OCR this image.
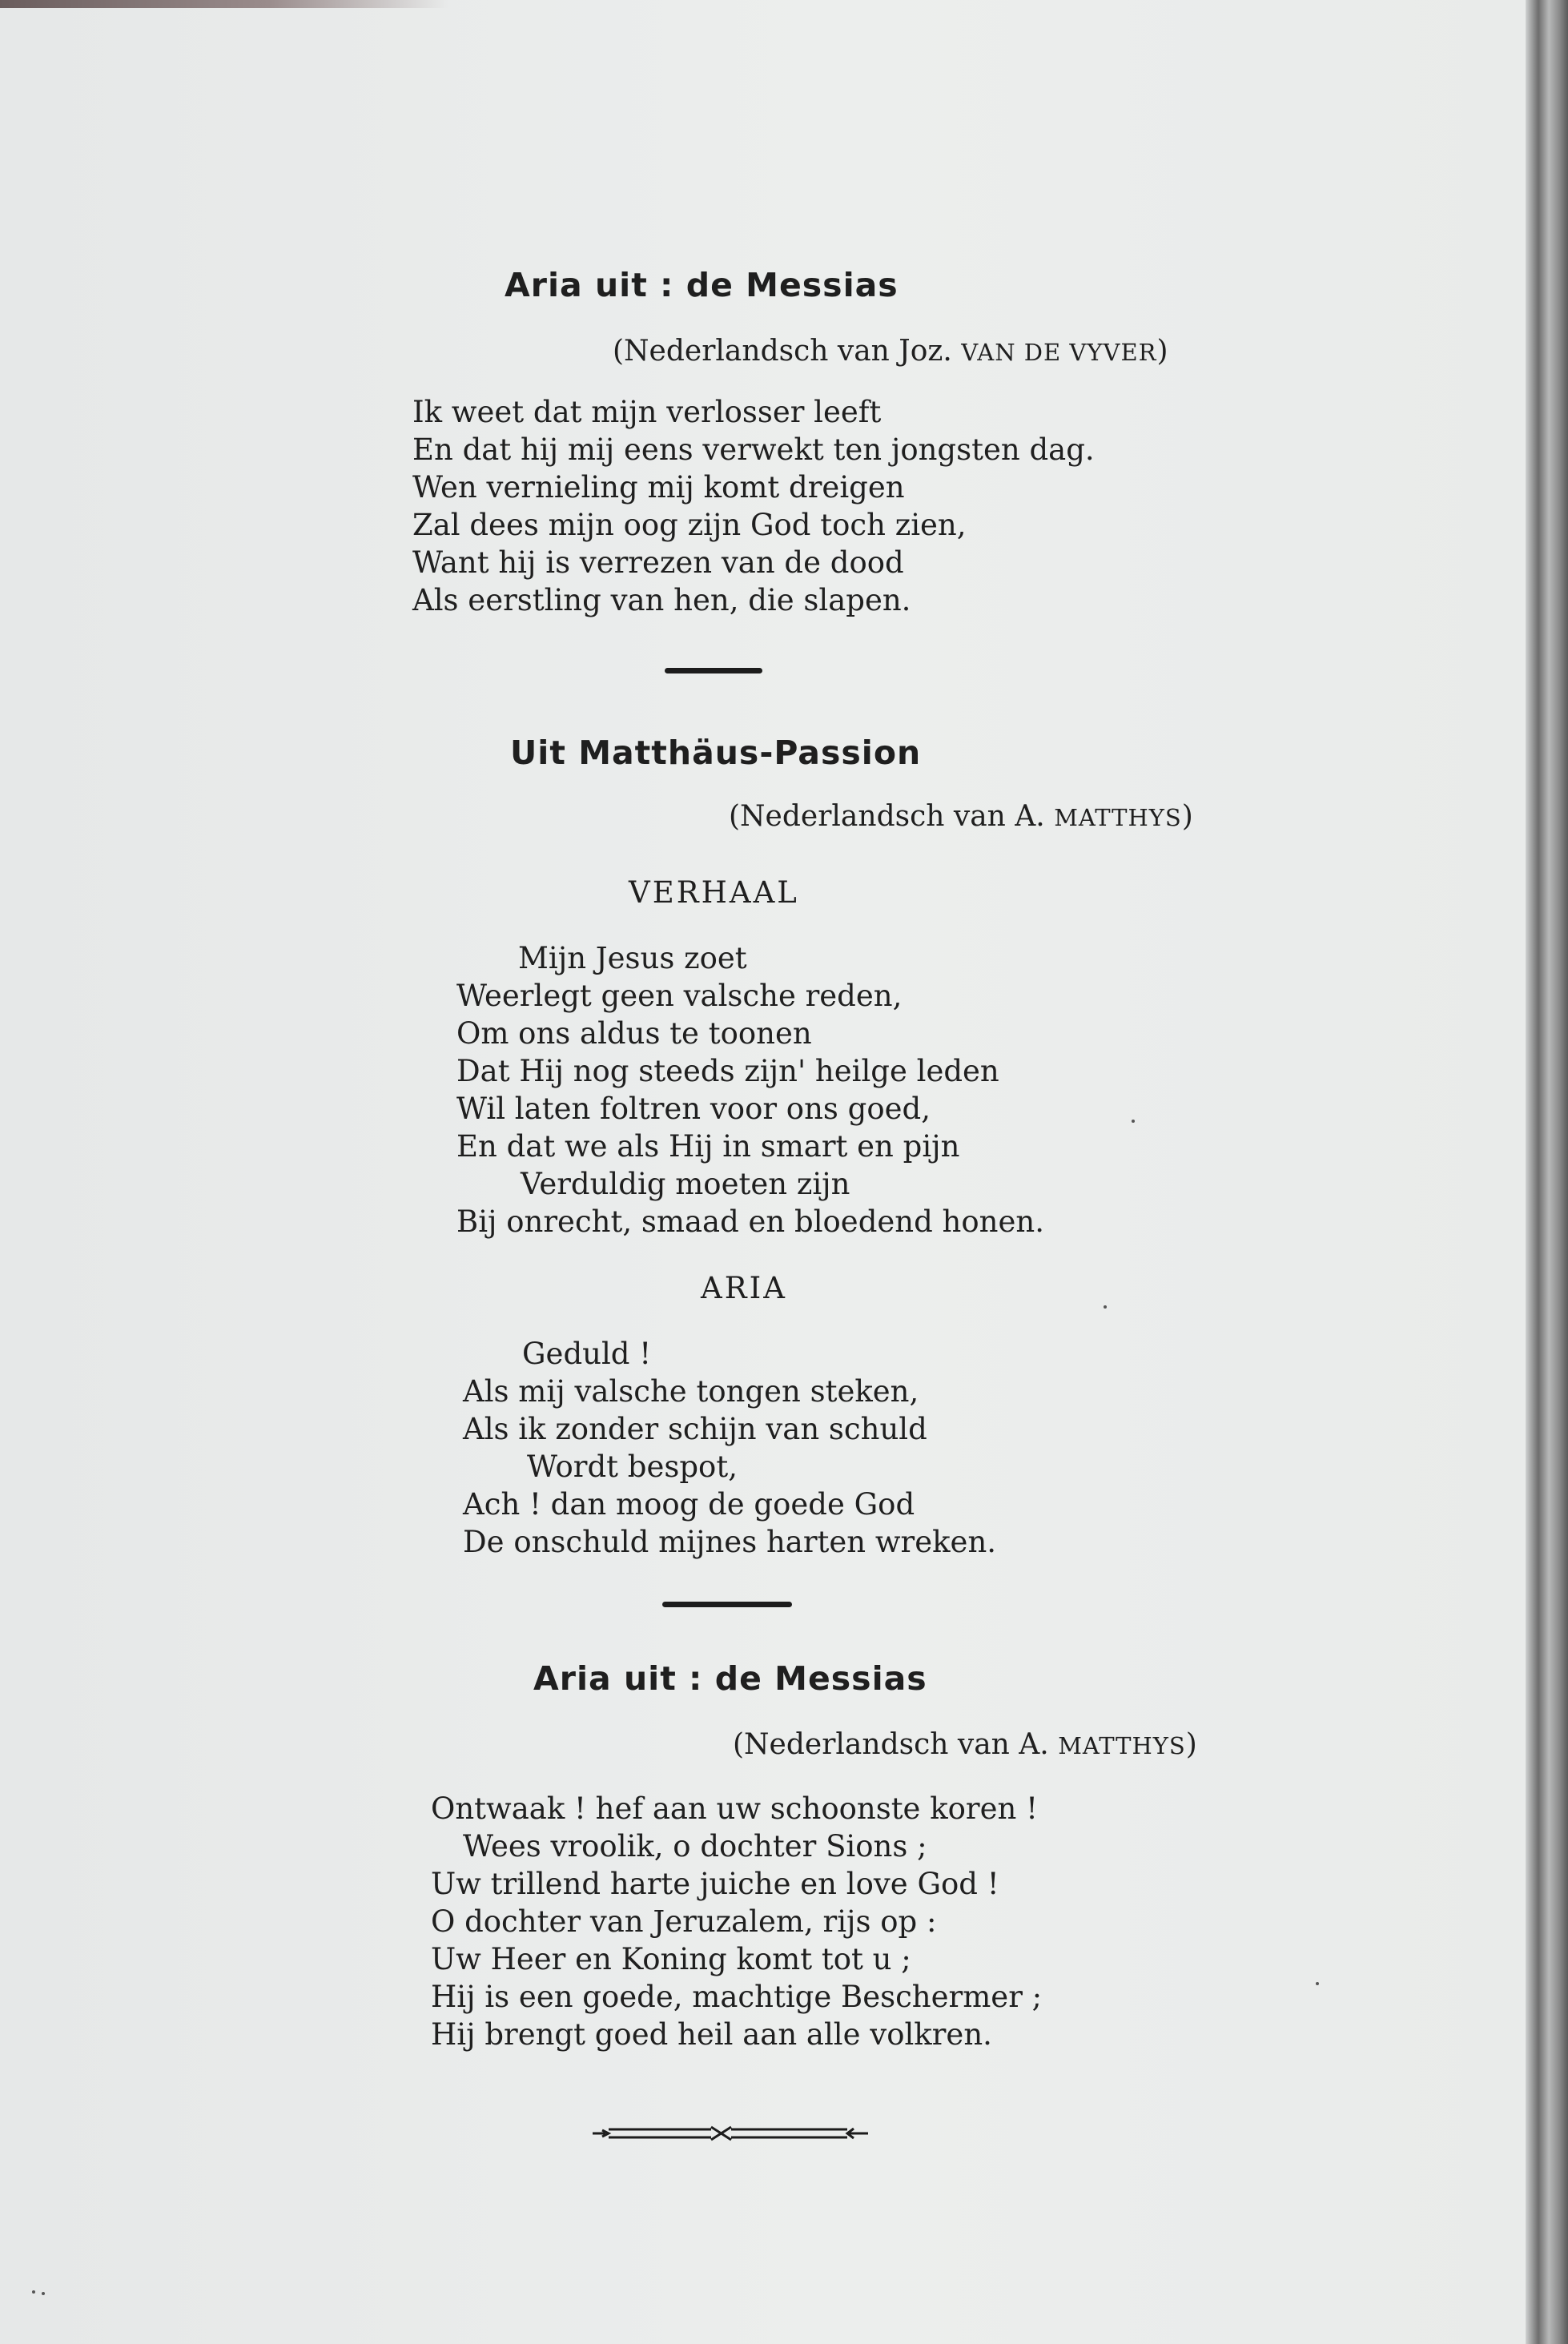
Aria uit : de Messias
(Nederlandsch van Joz. VAN DE VYVER)
Ik weet dat mijn verlosser leeft
En dat hij mij eens verwekt ten jongsten dag.
Wen vernieling mij komt dreigen
Zal dees mijn oog zijn God toch zien,
Want hij is verrezen van de dood
Als eerstling van hen, die slapen.
Uit Matthäus-Passion
(Nederlandsch van A. MATTHYS)
VERHAAL
Mijn Jesus zoet
Weerlegt geen valsche reden,
Om ons aldus te toonen
Dat Hij nog steeds zijn' heilge leden
Wil laten foltren voor ons goed,
En dat we als Hij in smart en pijn
Verduldig moeten zijn
Bij onrecht, smaad en bloedend honen.
ARIA
Geduld !
Als mij valsche tongen steken,
Als ik zonder schijn van schuld
Wordt bespot,
Ach ! dan moog de goede God
De onschuld mijnes harten wreken.
Aria uit : de Messias
(Nederlandsch van A. MATTHYS)
Ontwaak ! hef aan uw schoonste koren !
Wees vroolik, o dochter Sions ;
Uw trillend harte juiche en love God !
O dochter van Jeruzalem, rijs op :
Uw Heer en Koning komt tot u ;
Hij is een goede, machtige Beschermer ;
Hij brengt goed heil aan alle volkren.
